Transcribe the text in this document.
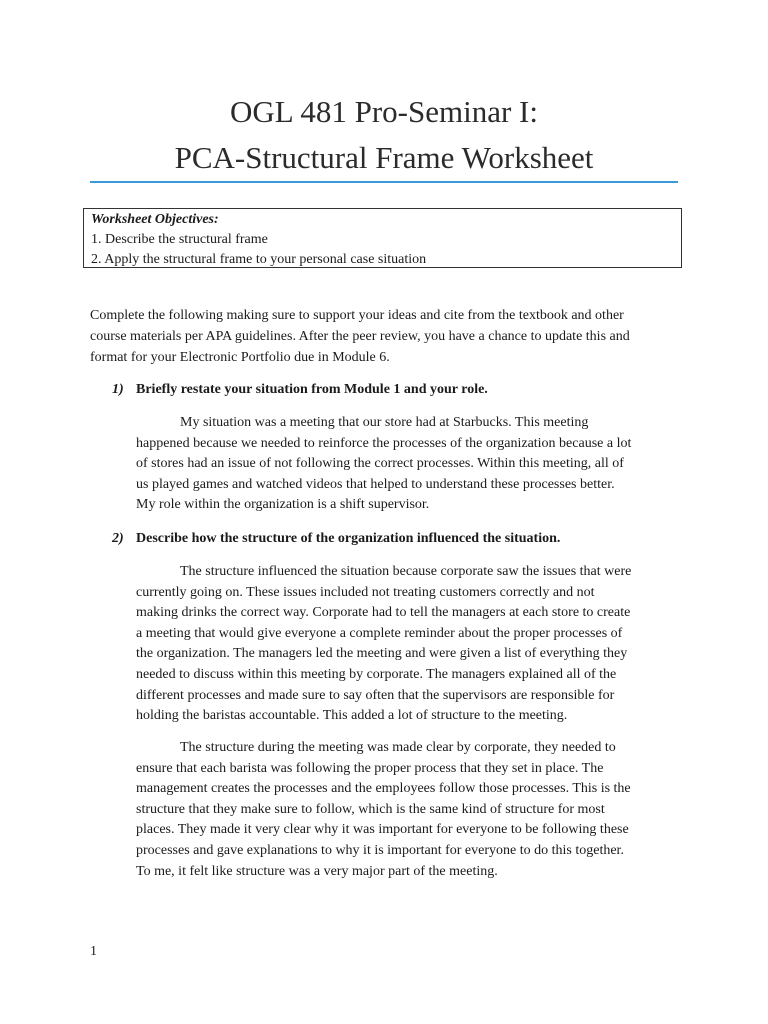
OGL 481 Pro-Seminar I:
PCA-Structural Frame Worksheet
Worksheet Objectives:
1. Describe the structural frame
2. Apply the structural frame to your personal case situation
Complete the following making sure to support your ideas and cite from the textbook and other
course materials per APA guidelines. After the peer review, you have a chance to update this and
format for your Electronic Portfolio due in Module 6.
1) Briefly restate your situation from Module 1 and your role.
My situation was a meeting that our store had at Starbucks. This meeting
happened because we needed to reinforce the processes of the organization because a lot
of stores had an issue of not following the correct processes. Within this meeting, all of
us played games and watched videos that helped to understand these processes better.
My role within the organization is a shift supervisor.
2) Describe how the structure of the organization influenced the situation.
The structure influenced the situation because corporate saw the issues that were
currently going on. These issues included not treating customers correctly and not
making drinks the correct way. Corporate had to tell the managers at each store to create
a meeting that would give everyone a complete reminder about the proper processes of
the organization. The managers led the meeting and were given a list of everything they
needed to discuss within this meeting by corporate. The managers explained all of the
different processes and made sure to say often that the supervisors are responsible for
holding the baristas accountable. This added a lot of structure to the meeting.
The structure during the meeting was made clear by corporate, they needed to
ensure that each barista was following the proper process that they set in place. The
management creates the processes and the employees follow those processes. This is the
structure that they make sure to follow, which is the same kind of structure for most
places. They made it very clear why it was important for everyone to be following these
processes and gave explanations to why it is important for everyone to do this together.
To me, it felt like structure was a very major part of the meeting.
1
